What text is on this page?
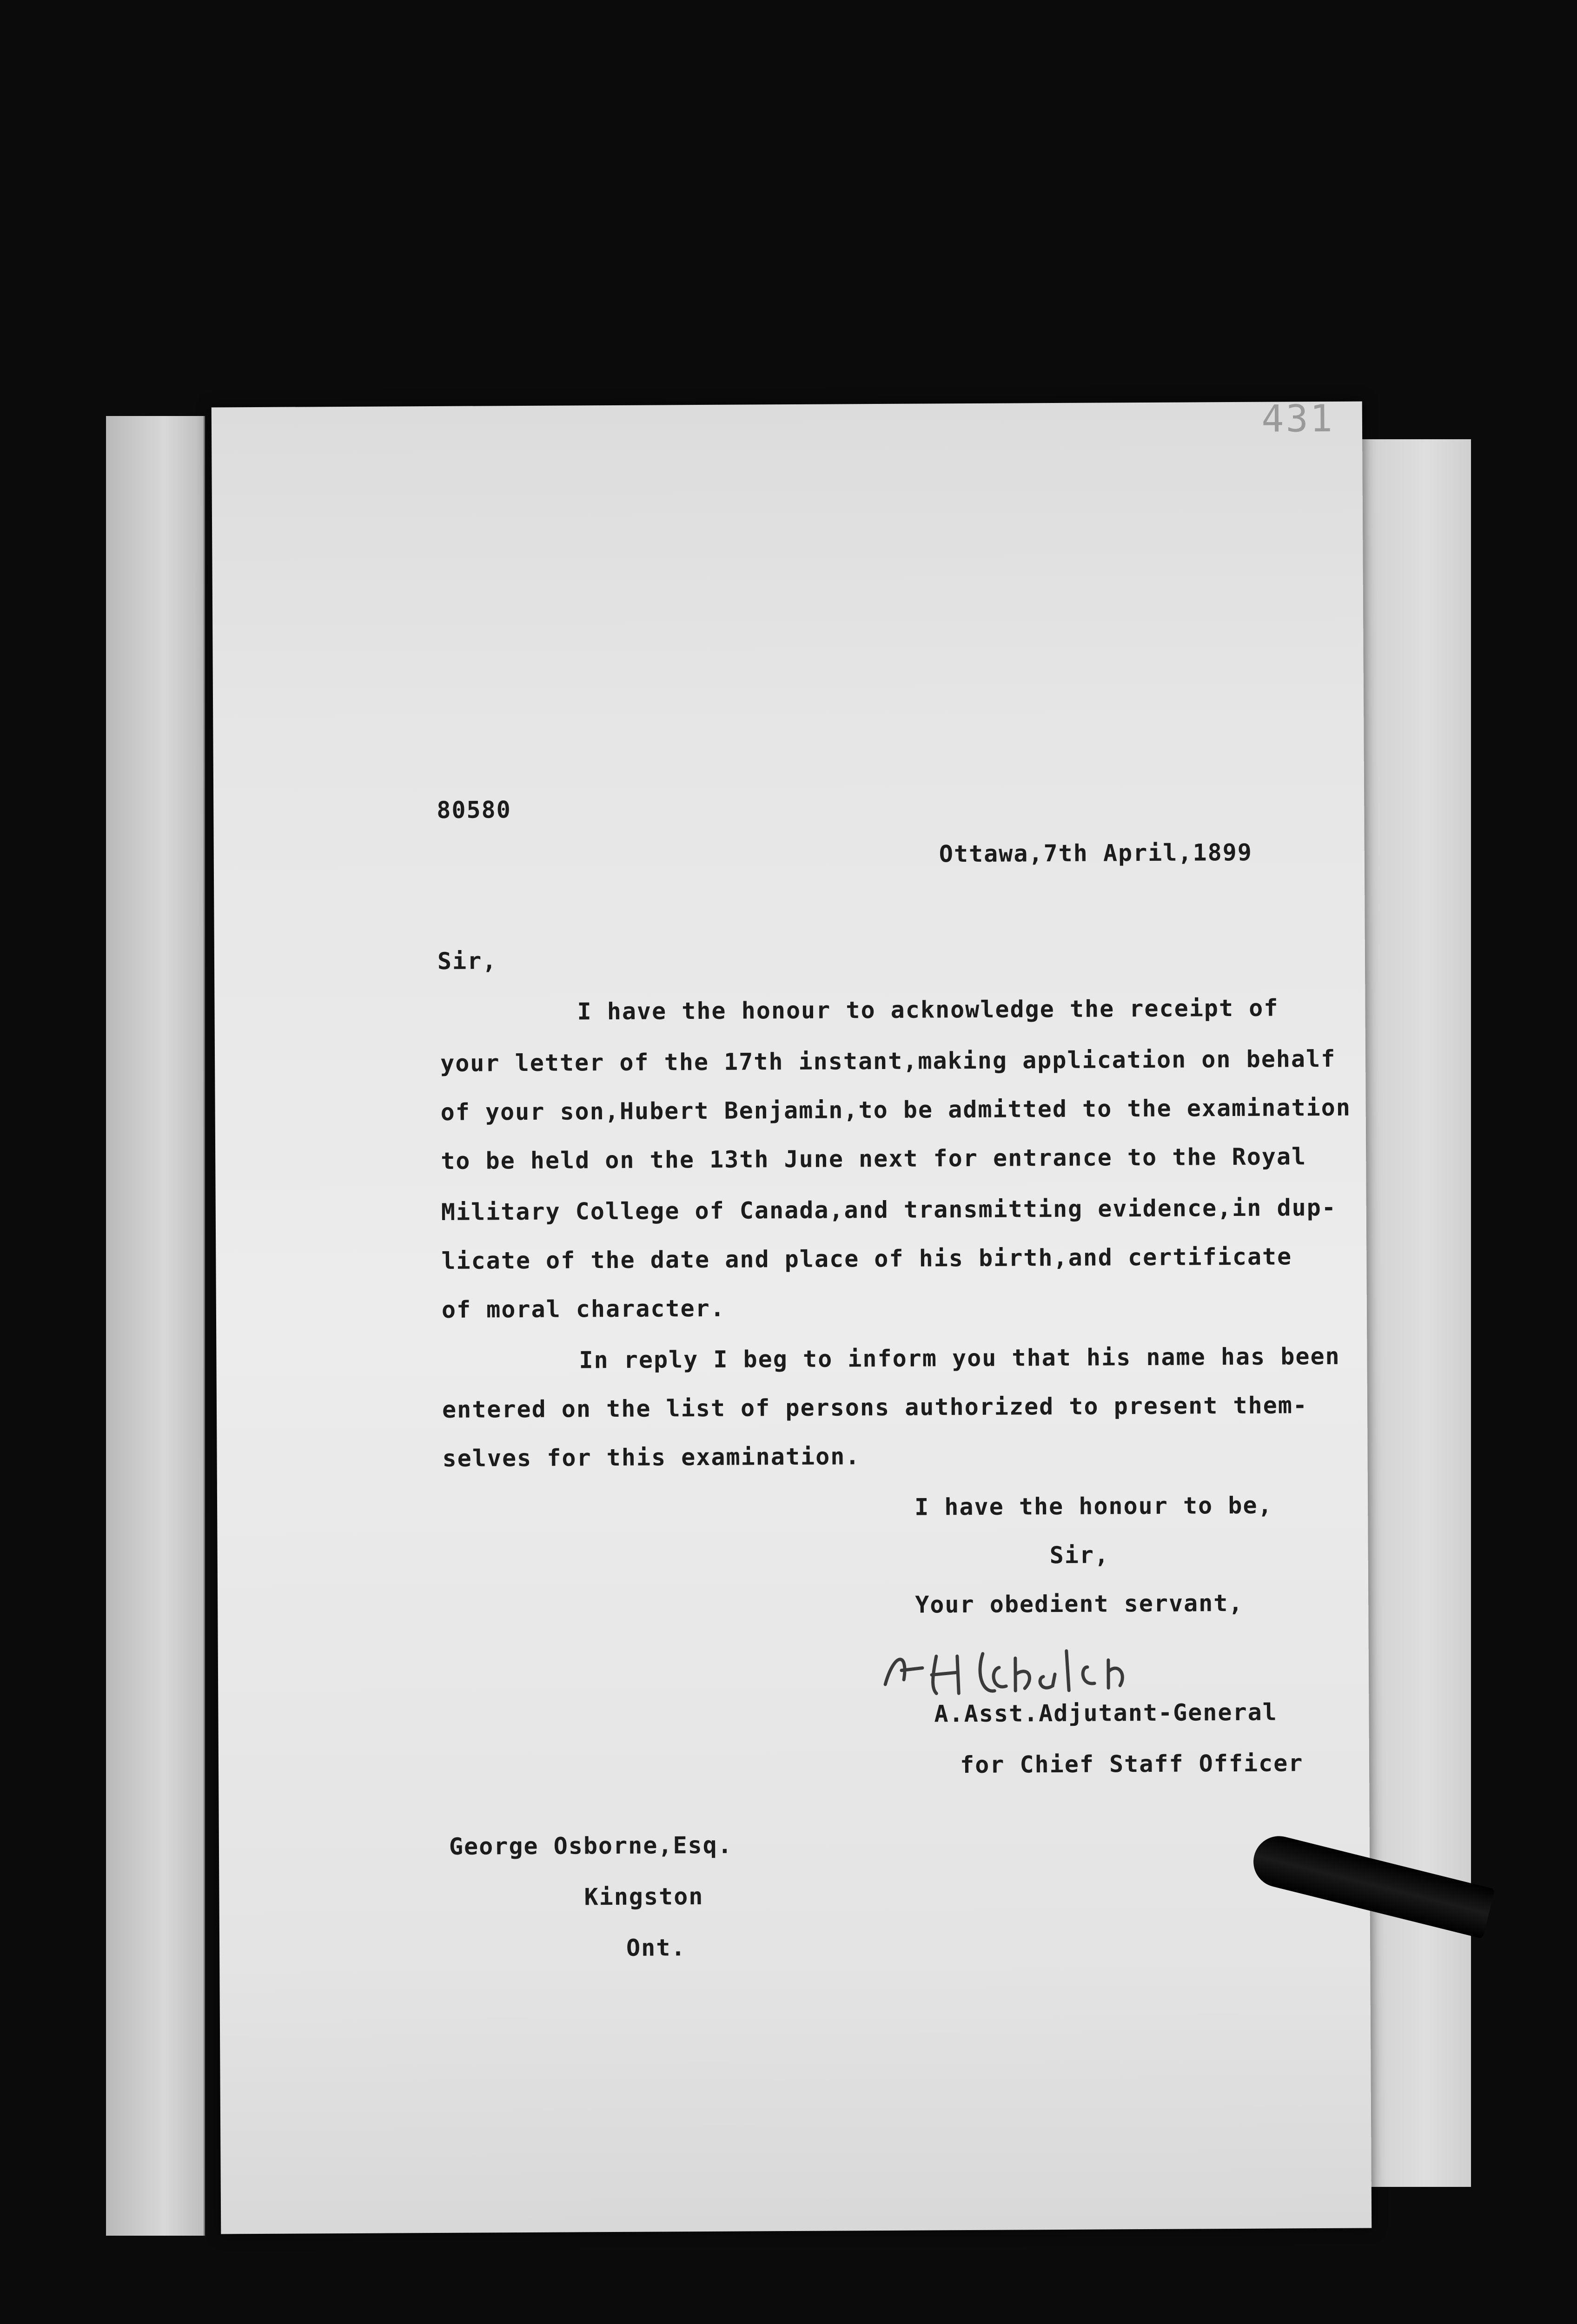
431
80580
Ottawa,7th April,1899
Sir,
I have the honour to acknowledge the receipt of
your letter of the 17th instant,making application on behalf
of your son,Hubert Benjamin,to be admitted to the examination
to be held on the 13th June next for entrance to the Royal
Military College of Canada,and transmitting evidence,in dup-
licate of the date and place of his birth,and certificate
of moral character.
In reply I beg to inform you that his name has been
entered on the list of persons authorized to present them-
selves for this examination.
I have the honour to be,
Sir,
Your obedient servant,
A.Asst.Adjutant-General
for Chief Staff Officer
George Osborne,Esq.
Kingston
Ont.
